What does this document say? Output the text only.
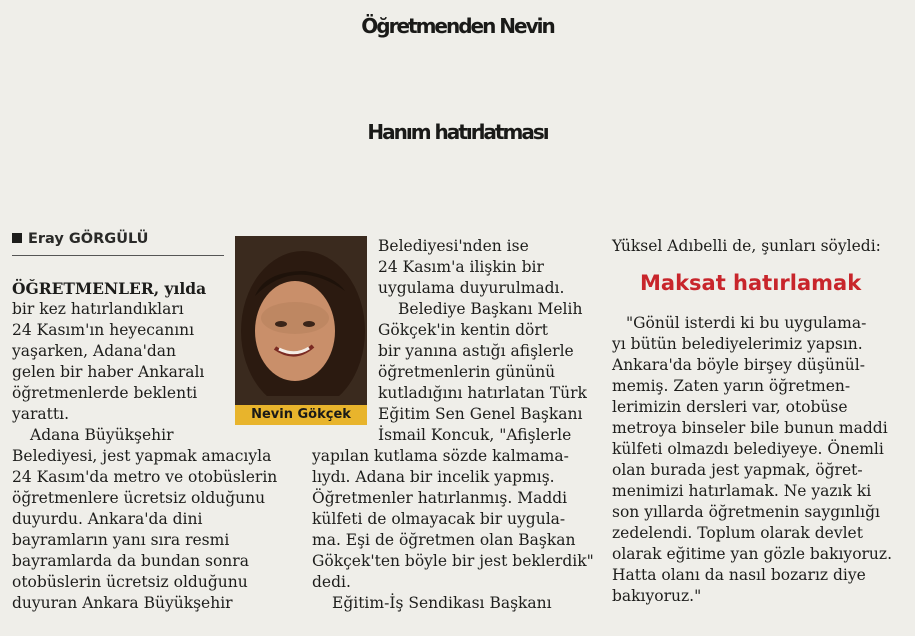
Öğretmenden Nevin
Hanım hatırlatması
Eray GÖRGÜLÜ
ÖĞRETMENLER, yılda
bir kez hatırlandıkları
24 Kasım'ın heyecanını
yaşarken, Adana'dan
gelen bir haber Ankaralı
öğretmenlerde beklenti
yarattı.
Adana Büyükşehir
Belediyesi, jest yapmak amacıyla
24 Kasım'da metro ve otobüslerin
öğretmenlere ücretsiz olduğunu
duyurdu. Ankara'da dini
bayramların yanı sıra resmi
bayramlarda da bundan sonra
otobüslerin ücretsiz olduğunu
duyuran Ankara Büyükşehir
Nevin Gökçek
Belediyesi'nden ise
24 Kasım'a ilişkin bir
uygulama duyurulmadı.
Belediye Başkanı Melih
Gökçek'in kentin dört
bir yanına astığı afişlerle
öğretmenlerin gününü
kutladığını hatırlatan Türk
Eğitim Sen Genel Başkanı
İsmail Koncuk, "Afişlerle
yapılan kutlama sözde kalmama-
lıydı. Adana bir incelik yapmış.
Öğretmenler hatırlanmış. Maddi
külfeti de olmayacak bir uygula-
ma. Eşi de öğretmen olan Başkan
Gökçek'ten böyle bir jest beklerdik"
dedi.
Eğitim-İş Sendikası Başkanı
Yüksel Adıbelli de, şunları söyledi:
Maksat hatırlamak
"Gönül isterdi ki bu uygulama-
yı bütün belediyelerimiz yapsın.
Ankara'da böyle birşey düşünül-
memiş. Zaten yarın öğretmen-
lerimizin dersleri var, otobüse
metroya binseler bile bunun maddi
külfeti olmazdı belediyeye. Önemli
olan burada jest yapmak, öğret-
menimizi hatırlamak. Ne yazık ki
son yıllarda öğretmenin saygınlığı
zedelendi. Toplum olarak devlet
olarak eğitime yan gözle bakıyoruz.
Hatta olanı da nasıl bozarız diye
bakıyoruz."
